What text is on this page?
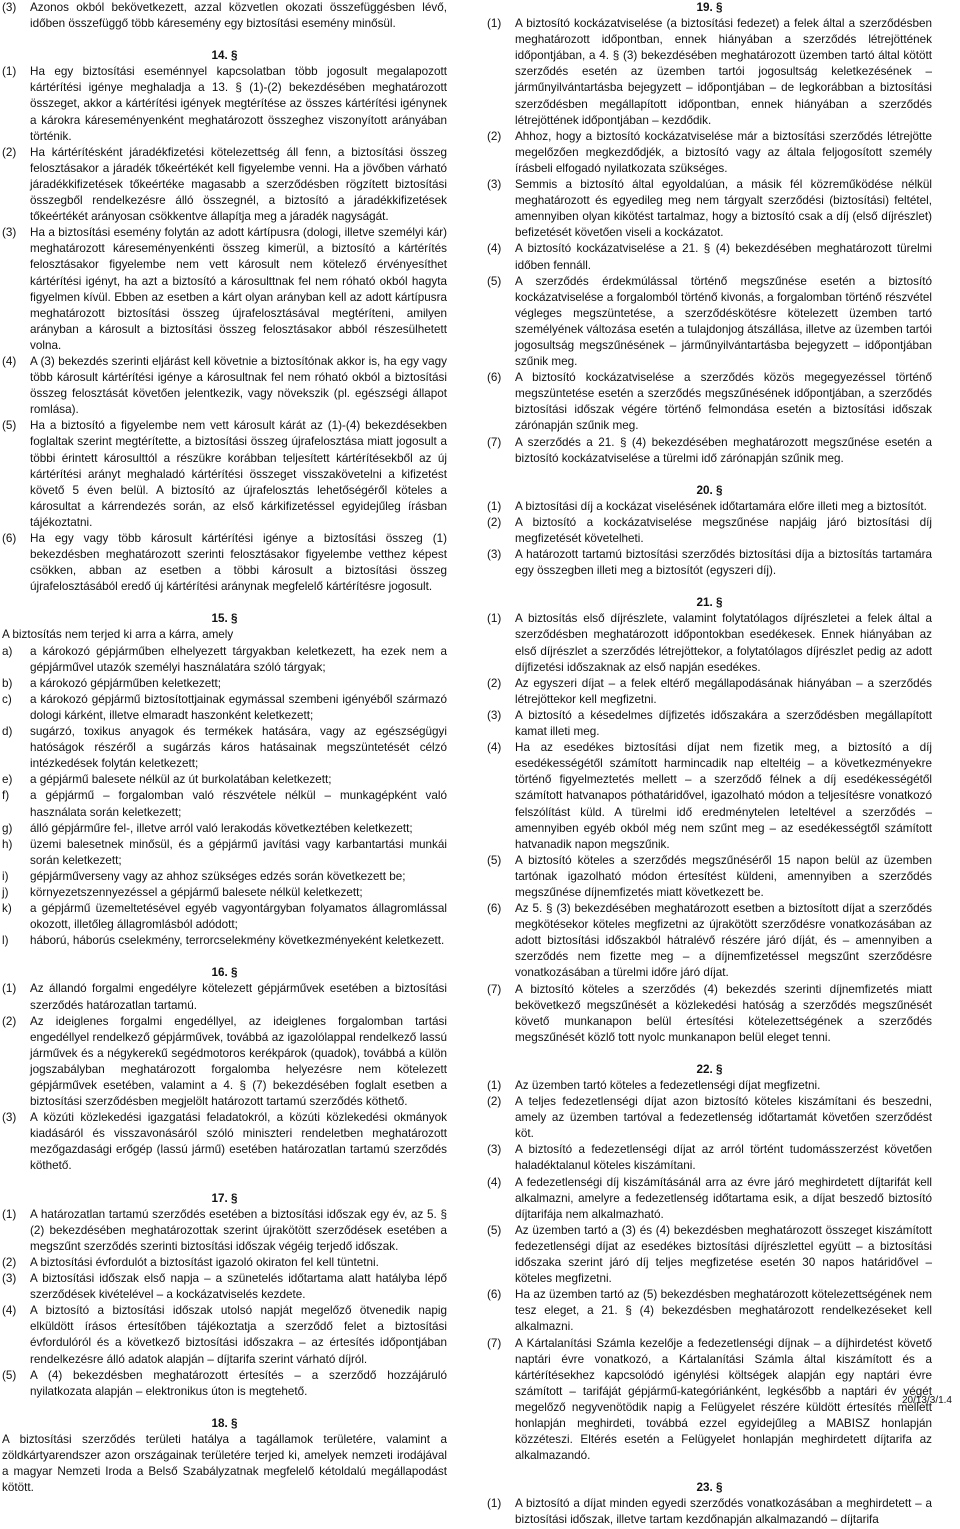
(3)	Azonos okból bekövetkezett, azzal közvetlen okozati összefüggésben lévő, időben összefüggő több káresemény egy biztosítási esemény minősül.

14. §

(1)	Ha egy biztosítási eseménnyel kapcsolatban több jogosult megalapozott kártérítési igénye meghaladja a 13. § (1)-(2) bekezdésében meghatározott összeget, akkor a kártérítési igények megtérítése az összes kártérítési igénynek a károkra káreseményenként meghatározott összeghez viszonyított arányában történik.
(2)	Ha kártérítésként járadékfizetési kötelezettség áll fenn, a biztosítási összeg felosztásakor a járadék tőkeértékét kell figyelembe venni. Ha a jövőben várható járadékkifizetések tőkeértéke magasabb a szerződésben rögzített biztosítási összegből rendelkezésre álló összegnél, a biztosító a járadékkifizetések tőkeértékét arányosan csökkentve állapítja meg a járadék nagyságát.
(3)	Ha a biztosítási esemény folytán az adott kártípusra (dologi, illetve személyi kár) meghatározott káreseményenkénti összeg kimerül, a biztosító a kártérítés felosztásakor figyelembe nem vett károsult nem kötelező érvényesíthet kártérítési igényt, ha azt a biztosító a károsulttnak fel nem róható okból hagyta figyelmen kívül. Ebben az esetben a kárt olyan arányban kell az adott kártípusra meghatározott biztosítási összeg újrafelosztásával megtéríteni, amilyen arányban a károsult a biztosítási összeg felosztásakor abból részesülhetett volna.
(4)	A (3) bekezdés szerinti eljárást kell követnie a biztosítónak akkor is, ha egy vagy több károsult kártérítési igénye a károsultnak fel nem róható okból a biztosítási összeg felosztását követően jelentkezik, vagy növekszik (pl. egészségi állapot romlása).
(5)	Ha a biztosító a figyelembe nem vett károsult kárát az (1)-(4) bekezdésekben foglaltak szerint megtérítette, a biztosítási összeg újrafelosztása miatt jogosult a többi érintett károsulttól a részükre korábban teljesített kártérítésekből az új kártérítési arányt meghaladó kártérítési összeget visszakövetelni a kifizetést követő 5 éven belül. A biztosító az újrafelosztás lehetőségéről köteles a károsultat a kárrendezés során, az első kárkifizetéssel egyidejűleg írásban tájékoztatni.
(6)	Ha egy vagy több károsult kártérítési igénye a biztosítási összeg (1) bekezdésben meghatározott szerinti felosztásakor figyelembe vetthez képest csökken, abban az esetben a többi károsult a biztosítási összeg újrafelosztásából eredő új kártérítési aránynak megfelelő kártérítésre jogosult.

15. §

A biztosítás nem terjed ki arra a kárra, amely

a)	a károkozó gépjárműben elhelyezett tárgyakban keletkezett, ha ezek nem a gépjárművel utazók személyi használatára szóló tárgyak;
b)	a károkozó gépjárműben keletkezett;
c)	a károkozó gépjármű biztosítottjainak egymással szembeni igényéből származó dologi kárként, illetve elmaradt haszonként keletkezett;
d)	sugárzó, toxikus anyagok és termékek hatására, vagy az egészségügyi hatóságok részéről a sugárzás káros hatásainak megszüntetését célzó intézkedések folytán keletkezett;
e)	a gépjármű balesete nélkül az út burkolatában keletkezett;
f)	a gépjármű – forgalomban való részvétele nélkül – munkagépként való használata során keletkezett;
g)	álló gépjárműre fel-, illetve arról való lerakodás következtében keletkezett;
h)	üzemi balesetnek minősül, és a gépjármű javítási vagy karbantartási munkái során keletkezett;
i)	gépjárműverseny vagy az ahhoz szükséges edzés során következett be;
j)	környezetszennyezéssel a gépjármű balesete nélkül keletkezett;
k)	a gépjármű üzemeltetésével egyéb vagyontárgyban folyamatos állagromlással okozott, illetőleg állagromlásból adódott;
l)	háború, háborús cselekmény, terrorcselekmény következményeként keletkezett.

16. §

(1)	Az állandó forgalmi engedélyre kötelezett gépjárművek esetében a biztosítási szerződés határozatlan tartamú.
(2)	Az ideiglenes forgalmi engedéllyel, az ideiglenes forgalomban tartási engedéllyel rendelkező gépjárművek, továbbá az igazolólappal rendelkező lassú járművek és a négykerekű segédmotoros kerékpárok (quadok), továbbá a külön jogszabályban meghatározott forgalomba helyezésre nem kötelezett gépjárművek esetében, valamint a 4. § (7) bekezdésében foglalt esetben a biztosítási szerződésben megjelölt határozott tartamú szerződés köthető.
(3)	A közúti közlekedési igazgatási feladatokról, a közúti közlekedési okmányok kiadásáról és visszavonásáról szóló miniszteri rendeletben meghatározott mezőgazdasági erőgép (lassú jármű) esetében határozatlan tartamú szerződés köthető.

17. §

(1)	A határozatlan tartamú szerződés esetében a biztosítási időszak egy év, az 5. § (2) bekezdésében meghatározottak szerint újrakötött szerződések esetében a megszűnt szerződés szerinti biztosítási időszak végéig terjedő időszak.
(2)	A biztosítási évfordulót a biztosítást igazoló okiraton fel kell tüntetni.
(3)	A biztosítási időszak első napja – a szünetelés időtartama alatt hatályba lépő szerződések kivételével – a kockázatviselés kezdete.
(4)	A biztosító a biztosítási időszak utolsó napját megelőző ötvenedik napig elküldött írásos értesítőben tájékoztatja a szerződő felet a biztosítási évfordulóról és a következő biztosítási időszakra – az értesítés időpontjában rendelkezésre álló adatok alapján – díjtarifa szerint várható díjról.
(5)	A (4) bekezdésben meghatározott értesítés – a szerződő hozzájáruló nyilatkozata alapján – elektronikus úton is megtehető.

18. §

A biztosítási szerződés területi hatálya a tagállamok területére, valamint a zöldkártyarendszer azon országainak területére terjed ki, amelyek nemzeti irodájával a magyar Nemzeti Iroda a Belső Szabályzatnak megfelelő kétoldalú megállapodást kötött.

19. §

(1)	A biztosító kockázatviselése (a biztosítási fedezet) a felek által a szerződésben meghatározott időpontban, ennek hiányában a szerződés létrejöttének időpontjában, a 4. § (3) bekezdésében meghatározott üzemben tartó által kötött szerződés esetén az üzemben tartói jogosultság keletkezésének – járműnyilvántartásba bejegyzett – időpontjában – de legkorábban a biztosítási szerződésben megállapított időpontban, ennek hiányában a szerződés létrejöttének időpontjában – kezdődik.
(2)	Ahhoz, hogy a biztosító kockázatviselése már a biztosítási szerződés létrejötte megelőzően megkezdődjék, a biztosító vagy az általa feljogosított személy írásbeli elfogadó nyilatkozata szükséges.
(3)	Semmis a biztosító által egyoldalúan, a másik fél közreműködése nélkül meghatározott és egyedileg meg nem tárgyalt szerződési (biztosítási) feltétel, amennyiben olyan kikötést tartalmaz, hogy a biztosító csak a díj (első díjrészlet) befizetését követően viseli a kockázatot.
(4)	A biztosító kockázatviselése a 21. § (4) bekezdésében meghatározott türelmi időben fennáll.
(5)	A szerződés érdekmúlással történő megszűnése esetén a biztosító kockázatviselése a forgalomból történő kivonás, a forgalomban történő részvétel végleges megszüntetése, a szerződéskötésre kötelezett üzemben tartó személyének változása esetén a tulajdonjog átszállása, illetve az üzemben tartói jogosultság megszűnésének – járműnyilvántartásba bejegyzett – időpontjában szűnik meg.
(6)	A biztosító kockázatviselése a szerződés közös megegyezéssel történő megszüntetése esetén a szerződés megszűnésének időpontjában, a szerződés biztosítási időszak végére történő felmondása esetén a biztosítási időszak zárónapján szűnik meg.
(7)	A szerződés a 21. § (4) bekezdésében meghatározott megszűnése esetén a biztosító kockázatviselése a türelmi idő zárónapján szűnik meg.

20. §

(1)	A biztosítási díj a kockázat viselésének időtartamára előre illeti meg a biztosítót.
(2)	A biztosító a kockázatviselése megszűnése napjáig járó biztosítási díj megfizetését követelheti.
(3)	A határozott tartamú biztosítási szerződés biztosítási díja a biztosítás tartamára egy összegben illeti meg a biztosítót (egyszeri díj).

21. §

(1)	A biztosítás első díjrészlete, valamint folytatólagos díjrészletei a felek által a szerződésben meghatározott időpontokban esedékesek. Ennek hiányában az első díjrészlet a szerződés létrejöttekor, a folytatólagos díjrészlet pedig az adott díjfizetési időszaknak az első napján esedékes.
(2)	Az egyszeri díjat – a felek eltérő megállapodásának hiányában – a szerződés létrejöttekor kell megfizetni.
(3)	A biztosító a késedelmes díjfizetés időszakára a szerződésben megállapított kamat illeti meg.
(4)	Ha az esedékes biztosítási díjat nem fizetik meg, a biztosító a díj esedékességétől számított harmincadik nap elteltéig – a következményekre történő figyelmeztetés mellett – a szerződő félnek a díj esedékességétől számított hatvanapos póthatáridővel, igazolható módon a teljesítésre vonatkozó felszólítást küld. A türelmi idő eredménytelen leteltével a szerződés – amennyiben egyéb okból még nem szűnt meg – az esedékességtől számított hatvanadik napon megszűnik.
(5)	A biztosító köteles a szerződés megszűnéséről 15 napon belül az üzemben tartónak igazolható módon értesítést küldeni, amennyiben a szerződés megszűnése díjnemfizetés miatt következett be.
(6)	Az 5. § (3) bekezdésében meghatározott esetben a biztosított díjat a szerződés megkötésekor köteles megfizetni az újrakötött szerződésre vonatkozásában az adott biztosítási időszakból hátralévő részére járó díját, és – amennyiben a szerződés nem fizette meg – a díjnemfizetéssel megszűnt szerződésre vonatkozásában a türelmi időre járó díjat.
(7)	A biztosító köteles a szerződés (4) bekezdés szerinti díjnemfizetés miatt bekövetkező megszűnését a közlekedési hatóság a szerződés megszűnését követő munkanapon belül értesítési kötelezettségének a szerződés megszűnését közlő tott nyolc munkanapon belül eleget tenni.

22. §

(1)	Az üzemben tartó köteles a fedezetlenségi díjat megfizetni.
(2)	A teljes fedezetlenségi díjat azon biztosító köteles kiszámítani és beszedni, amely az üzemben tartóval a fedezetlenség időtartamát követően szerződést köt.
(3)	A biztosító a fedezetlenségi díjat az arról történt tudomásszerzést követően haladéktalanul köteles kiszámítani.
(4)	A fedezetlenségi díj kiszámításánál arra az évre járó meghirdetett díjtarifát kell alkalmazni, amelyre a fedezetlenség időtartama esik, a díjat beszedő biztosító díjtarifája nem alkalmazható.
(5)	Az üzemben tartó a (3) és (4) bekezdésben meghatározott összeget kiszámított fedezetlenségi díjat az esedékes biztosítási díjrészlettel együtt – a biztosítási időszaka szerint járó díj teljes megfizetése esetén 30 napos határidővel – köteles megfizetni.
(6)	Ha az üzemben tartó az (5) bekezdésben meghatározott kötelezettségének nem tesz eleget, a 21. § (4) bekezdésben meghatározott rendelkezéseket kell alkalmazni.
(7)	A Kártalanítási Számla kezelője a fedezetlenségi díjnak – a díjhirdetést követő naptári évre vonatkozó, a Kártalanítási Számla által kiszámított és a kártérítésekhez kapcsolódó igénylési költségek alapján egy naptári évre számított – tarifáját gépjármű-kategóriánként, legkésőbb a naptári év végét megelőző negyvenötödik napig a Felügyelet részére küldött értesítés mellett honlapján meghirdeti, továbbá ezzel egyidejűleg a MABISZ honlapján közzéteszi. Eltérés esetén a Felügyelet honlapján meghirdetett díjtarifa az alkalmazandó.

23. §

(1)	A biztosító a díjat minden egyedi szerződés vonatkozásában a meghirdetett – a biztosítási időszak, illetve tartam kezdőnapján alkalmazandó – díjtarifa
20/13/3/1.4
